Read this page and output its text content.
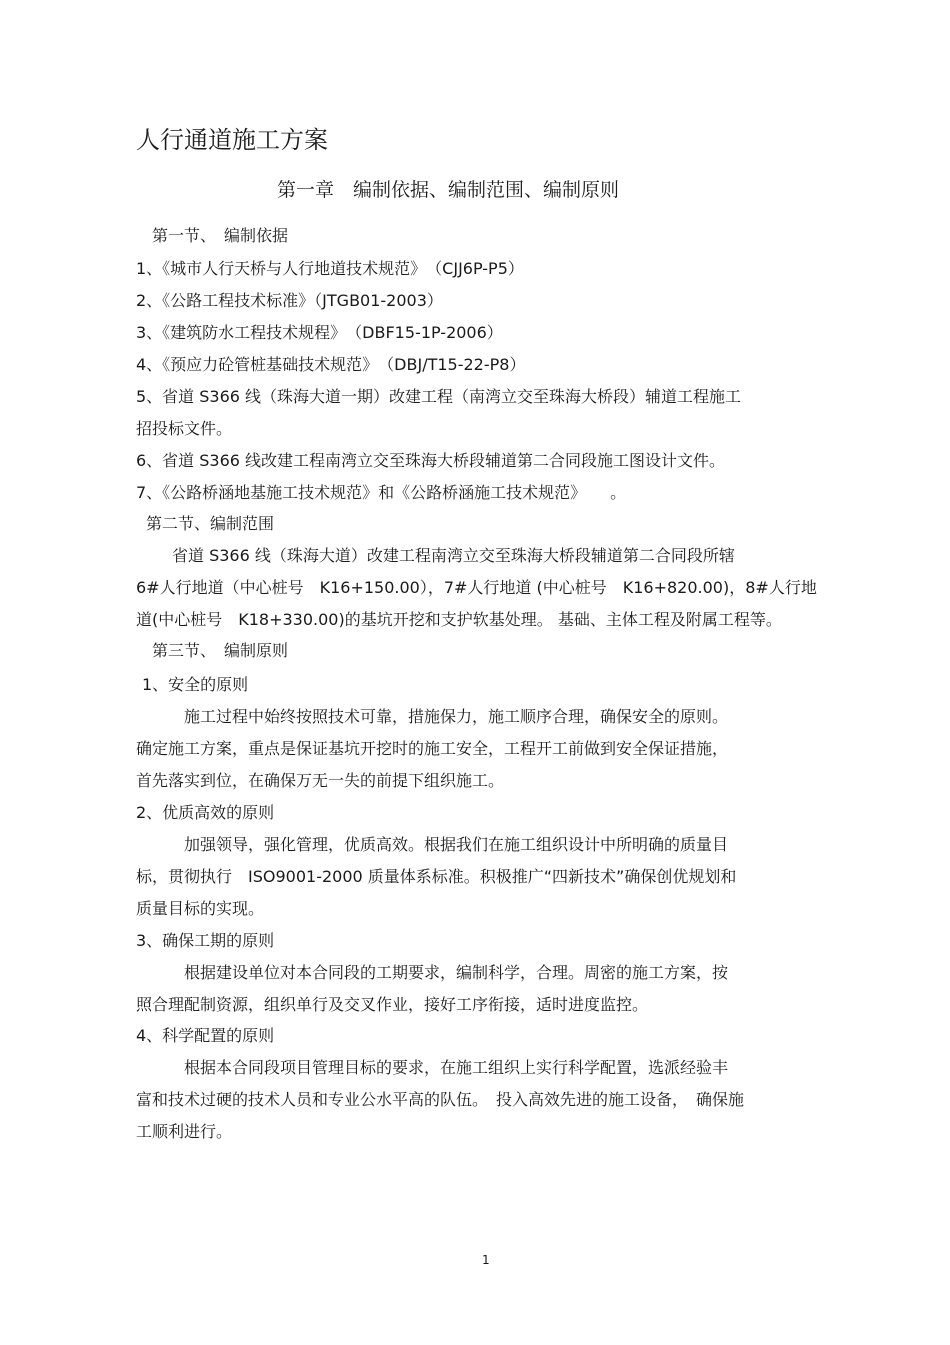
人行通道施工方案
第一章　编制依据、编制范围、编制原则
第一节、　编制依据
1、《城市人行天桥与人行地道技术规范》　（CJJ6P-P5）
2、《公路工程技术标准》（JTGB01-2003）
3、《建筑防水工程技术规程》　（DBF15-1P-2006）
4、《预应力砼管桩基础技术规范》　（DBJ/T15-22-P8）
5、省道 S366 线（珠海大道一期）改建工程（南湾立交至珠海大桥段）辅道工程施工
招投标文件。
6、省道 S366 线改建工程南湾立交至珠海大桥段辅道第二合同段施工图设计文件。
7、《公路桥涵地基施工技术规范》和《公路桥涵施工技术规范》　　。
第二节、编制范围
省道 S366 线（珠海大道）改建工程南湾立交至珠海大桥段辅道第二合同段所辖
6#人行地道（中心桩号　K16+150.00），7#人行地道 (中心桩号　K16+820.00)，8#人行地
道(中心桩号　K18+330.00)的基坑开挖和支护软基处理。 基础、主体工程及附属工程等。
第三节、　编制原则
1、安全的原则
施工过程中始终按照技术可靠，措施保力，施工顺序合理，确保安全的原则。
确定施工方案，重点是保证基坑开挖时的施工安全，工程开工前做到安全保证措施，
首先落实到位，在确保万无一失的前提下组织施工。
2、优质高效的原则
加强领导，强化管理，优质高效。根据我们在施工组织设计中所明确的质量目
标，贯彻执行　ISO9001-2000 质量体系标准。积极推广“四新技术”确保创优规划和
质量目标的实现。
3、确保工期的原则
根据建设单位对本合同段的工期要求，编制科学，合理。周密的施工方案，按
照合理配制资源，组织单行及交叉作业，接好工序衔接，适时进度监控。
4、科学配置的原则
根据本合同段项目管理目标的要求，在施工组织上实行科学配置，选派经验丰
富和技术过硬的技术人员和专业公水平高的队伍。　投入高效先进的施工设备，　确保施
工顺利进行。
1
